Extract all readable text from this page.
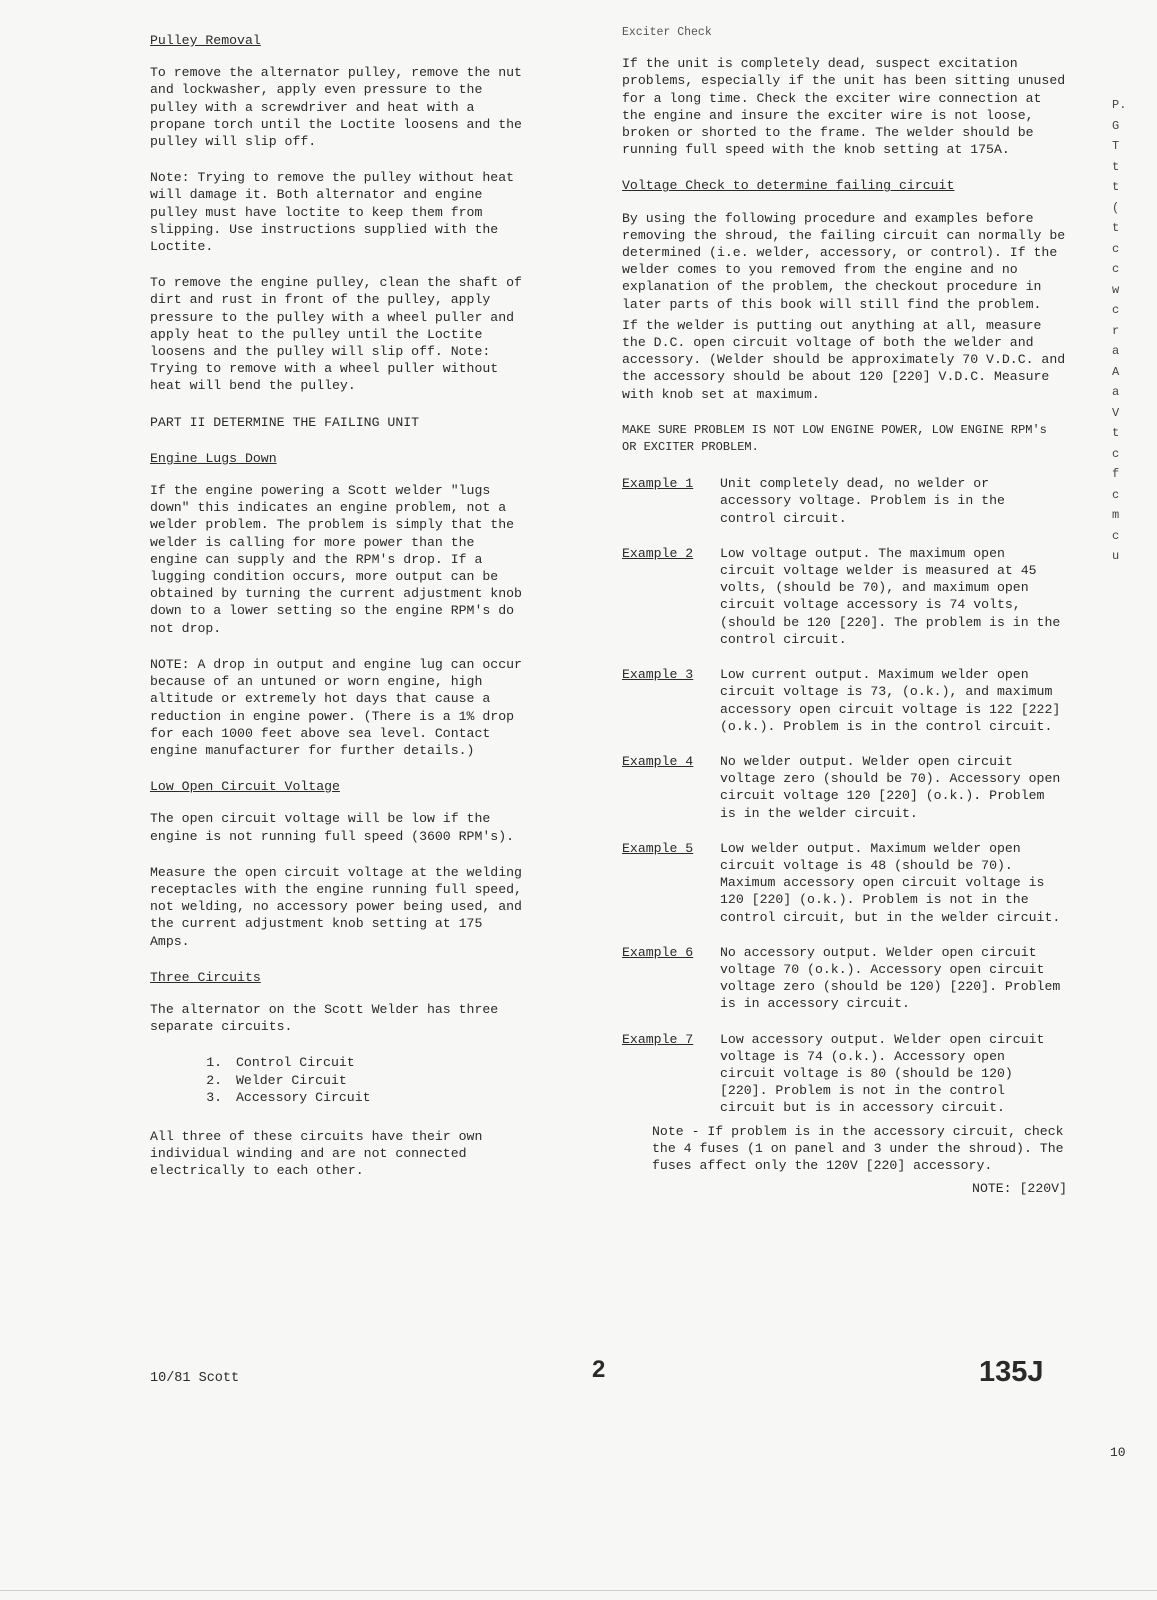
Pulley Removal
To remove the alternator pulley, remove the nut and lockwasher, apply even pressure to the pulley with a screwdriver and heat with a propane torch until the Loctite loosens and the pulley will slip off.
Note: Trying to remove the pulley without heat will damage it. Both alternator and engine pulley must have loctite to keep them from slipping. Use instructions supplied with the Loctite.
To remove the engine pulley, clean the shaft of dirt and rust in front of the pulley, apply pressure to the pulley with a wheel puller and apply heat to the pulley until the Loctite loosens and the pulley will slip off. Note: Trying to remove with a wheel puller without heat will bend the pulley.
PART II DETERMINE THE FAILING UNIT
Engine Lugs Down
If the engine powering a Scott welder "lugs down" this indicates an engine problem, not a welder problem. The problem is simply that the welder is calling for more power than the engine can supply and the RPM's drop. If a lugging condition occurs, more output can be obtained by turning the current adjustment knob down to a lower setting so the engine RPM's do not drop.
NOTE: A drop in output and engine lug can occur because of an untuned or worn engine, high altitude or extremely hot days that cause a reduction in engine power. (There is a 1% drop for each 1000 feet above sea level. Contact engine manufacturer for further details.)
Low Open Circuit Voltage
The open circuit voltage will be low if the engine is not running full speed (3600 RPM's).
Measure the open circuit voltage at the welding receptacles with the engine running full speed, not welding, no accessory power being used, and the current adjustment knob setting at 175 Amps.
Three Circuits
The alternator on the Scott Welder has three separate circuits.
1. Control Circuit
2. Welder Circuit
3. Accessory Circuit
All three of these circuits have their own individual winding and are not connected electrically to each other.
Exciter Check
If the unit is completely dead, suspect excitation problems, especially if the unit has been sitting unused for a long time. Check the exciter wire connection at the engine and insure the exciter wire is not loose, broken or shorted to the frame. The welder should be running full speed with the knob setting at 175A.
Voltage Check to determine failing circuit
By using the following procedure and examples before removing the shroud, the failing circuit can normally be determined (i.e. welder, accessory, or control). If the welder comes to you removed from the engine and no explanation of the problem, the checkout procedure in later parts of this book will still find the problem.
If the welder is putting out anything at all, measure the D.C. open circuit voltage of both the welder and accessory. (Welder should be approximately 70 V.D.C. and the accessory should be about 120 [220] V.D.C. Measure with knob set at maximum.
MAKE SURE PROBLEM IS NOT LOW ENGINE POWER, LOW ENGINE RPM's OR EXCITER PROBLEM.
Example 1	Unit completely dead, no welder or accessory voltage. Problem is in the control circuit.
Example 2	Low voltage output. The maximum open circuit voltage welder is measured at 45 volts, (should be 70), and maximum open circuit voltage accessory is 74 volts, (should be 120 [220]. The problem is in the control circuit.
Example 3	Low current output. Maximum welder open circuit voltage is 73, (o.k.), and maximum accessory open circuit voltage is 122 [222] (o.k.). Problem is in the control circuit.
Example 4	No welder output. Welder open circuit voltage zero (should be 70). Accessory open circuit voltage 120 [220] (o.k.). Problem is in the welder circuit.
Example 5	Low welder output. Maximum welder open circuit voltage is 48 (should be 70). Maximum accessory open circuit voltage is 120 [220] (o.k.). Problem is not in the control circuit, but in the welder circuit.
Example 6	No accessory output. Welder open circuit voltage 70 (o.k.). Accessory open circuit voltage zero (should be 120) [220]. Problem is in accessory circuit.
Example 7	Low accessory output. Welder open circuit voltage is 74 (o.k.). Accessory open circuit voltage is 80 (should be 120) [220]. Problem is not in the control circuit but is in accessory circuit.
Note - If problem is in the accessory circuit, check the 4 fuses (1 on panel and 3 under the shroud). The fuses affect only the 120V [220] accessory.
NOTE: [220V]
10/81 Scott	2	135J
P.
G
T
t
t
(
t
c
c
w
c
r
a
A
a
V
t
c
f
c
m
c
u
10
